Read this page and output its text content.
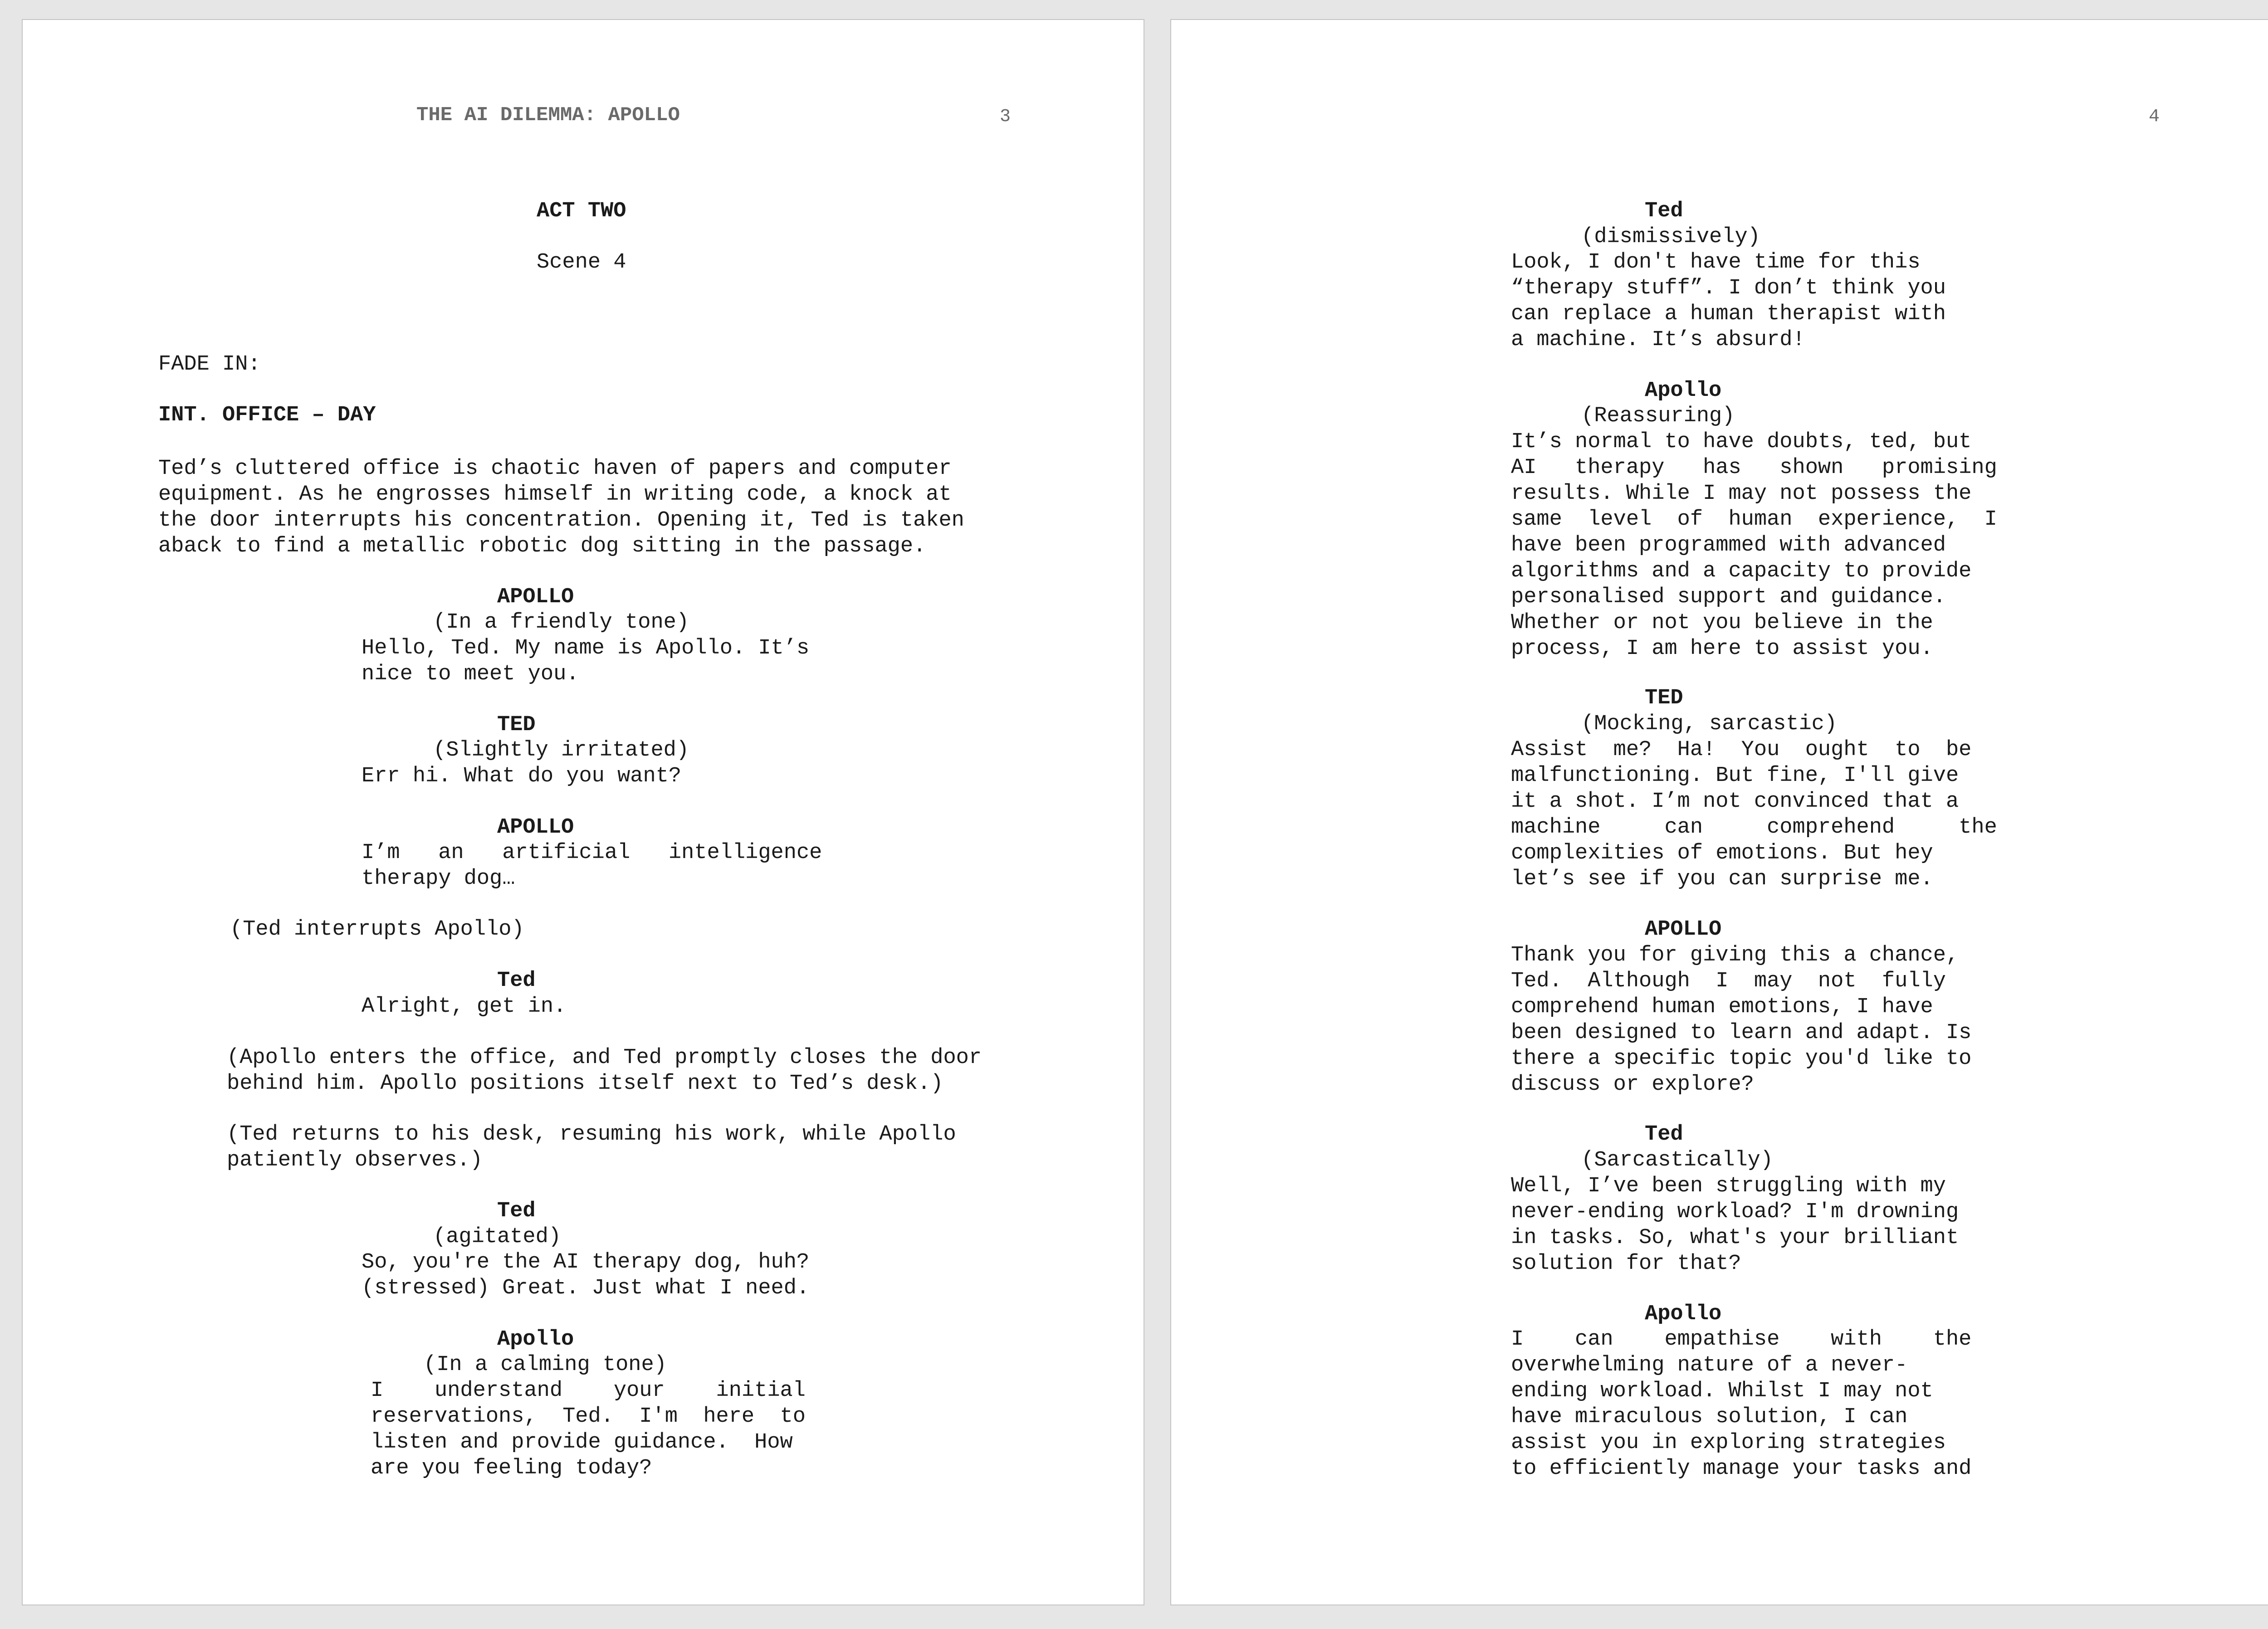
THE AI DILEMMA: APOLLO	3
ACT TWO
Scene 4
FADE IN:
INT. OFFICE – DAY
Ted’s cluttered office is chaotic haven of papers and computer
equipment. As he engrosses himself in writing code, a knock at
the door interrupts his concentration. Opening it, Ted is taken
aback to find a metallic robotic dog sitting in the passage.
APOLLO
(In a friendly tone)
Hello, Ted. My name is Apollo. It’s
nice to meet you.
TED
(Slightly irritated)
Err hi. What do you want?
APOLLO
I’m   an   artificial   intelligence
therapy dog…
(Ted interrupts Apollo)
Ted
Alright, get in.
(Apollo enters the office, and Ted promptly closes the door
behind him. Apollo positions itself next to Ted’s desk.)
(Ted returns to his desk, resuming his work, while Apollo
patiently observes.)
Ted
(agitated)
So, you're the AI therapy dog, huh?
(stressed) Great. Just what I need.
Apollo
(In a calming tone)
I    understand    your    initial
reservations,  Ted.  I'm  here  to
listen and provide guidance.  How
are you feeling today?
4
Ted
(dismissively)
Look, I don't have time for this
“therapy stuff”. I don’t think you
can replace a human therapist with
a machine. It’s absurd!
Apollo
(Reassuring)
It’s normal to have doubts, ted, but
AI   therapy   has   shown   promising
results. While I may not possess the
same  level  of  human  experience,  I
have been programmed with advanced
algorithms and a capacity to provide
personalised support and guidance.
Whether or not you believe in the
process, I am here to assist you.
TED
(Mocking, sarcastic)
Assist  me?  Ha!  You  ought  to  be
malfunctioning. But fine, I'll give
it a shot. I’m not convinced that a
machine     can     comprehend     the
complexities of emotions. But hey
let’s see if you can surprise me.
APOLLO
Thank you for giving this a chance,
Ted.  Although  I  may  not  fully
comprehend human emotions, I have
been designed to learn and adapt. Is
there a specific topic you'd like to
discuss or explore?
Ted
(Sarcastically)
Well, I’ve been struggling with my
never-ending workload? I'm drowning
in tasks. So, what's your brilliant
solution for that?
Apollo
I    can    empathise    with    the
overwhelming nature of a never-
ending workload. Whilst I may not
have miraculous solution, I can
assist you in exploring strategies
to efficiently manage your tasks and
